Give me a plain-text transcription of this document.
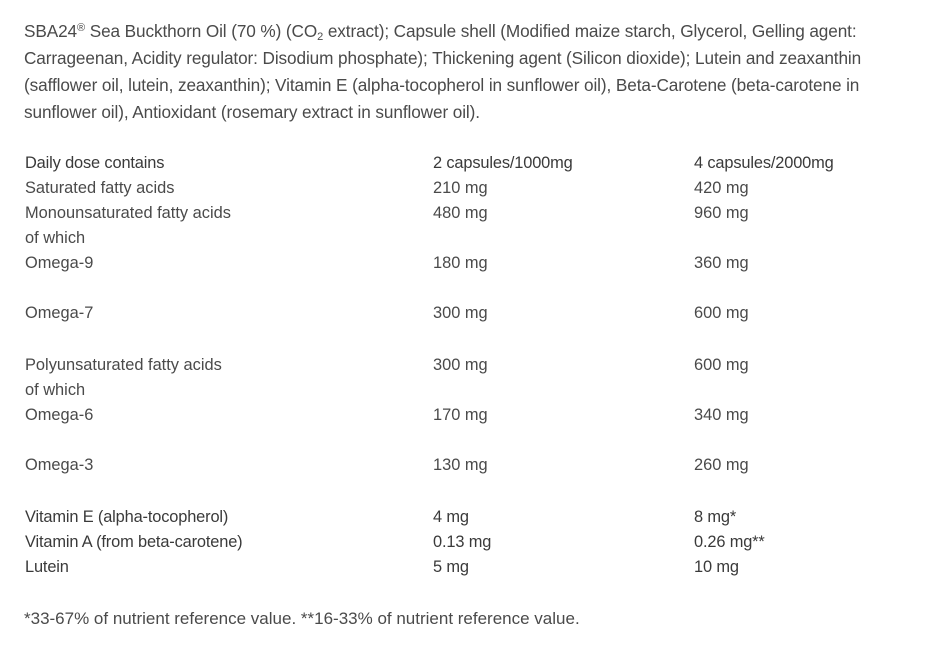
SBA24® Sea Buckthorn Oil (70 %) ($CO_2$ extract); Capsule shell (Modified maize starch, Glycerol, Gelling agent: Carrageenan, Acidity regulator: Disodium phosphate); Thickening agent (Silicon dioxide); Lutein and zeaxanthin (safflower oil, lutein, zeaxanthin); Vitamin E (alpha-tocopherol in sunflower oil), Beta-Carotene (beta-carotene in sunflower oil), Antioxidant (rosemary extract in sunflower oil).
Daily dose contains	2 capsules/1000mg	4 capsules/2000mg
Saturated fatty acids	210 mg	420 mg
Monounsaturated fatty acids	480 mg	960 mg
of which
Omega-9	180 mg	360 mg
Omega-7	300 mg	600 mg
Polyunsaturated fatty acids	300 mg	600 mg
of which
Omega-6	170 mg	340 mg
Omega-3	130 mg	260 mg
Vitamin E (alpha-tocopherol)	4 mg	8 mg*
Vitamin A (from beta-carotene)	0.13 mg	0.26 mg**
Lutein	5 mg	10 mg
*33-67% of nutrient reference value. **16-33% of nutrient reference value.
